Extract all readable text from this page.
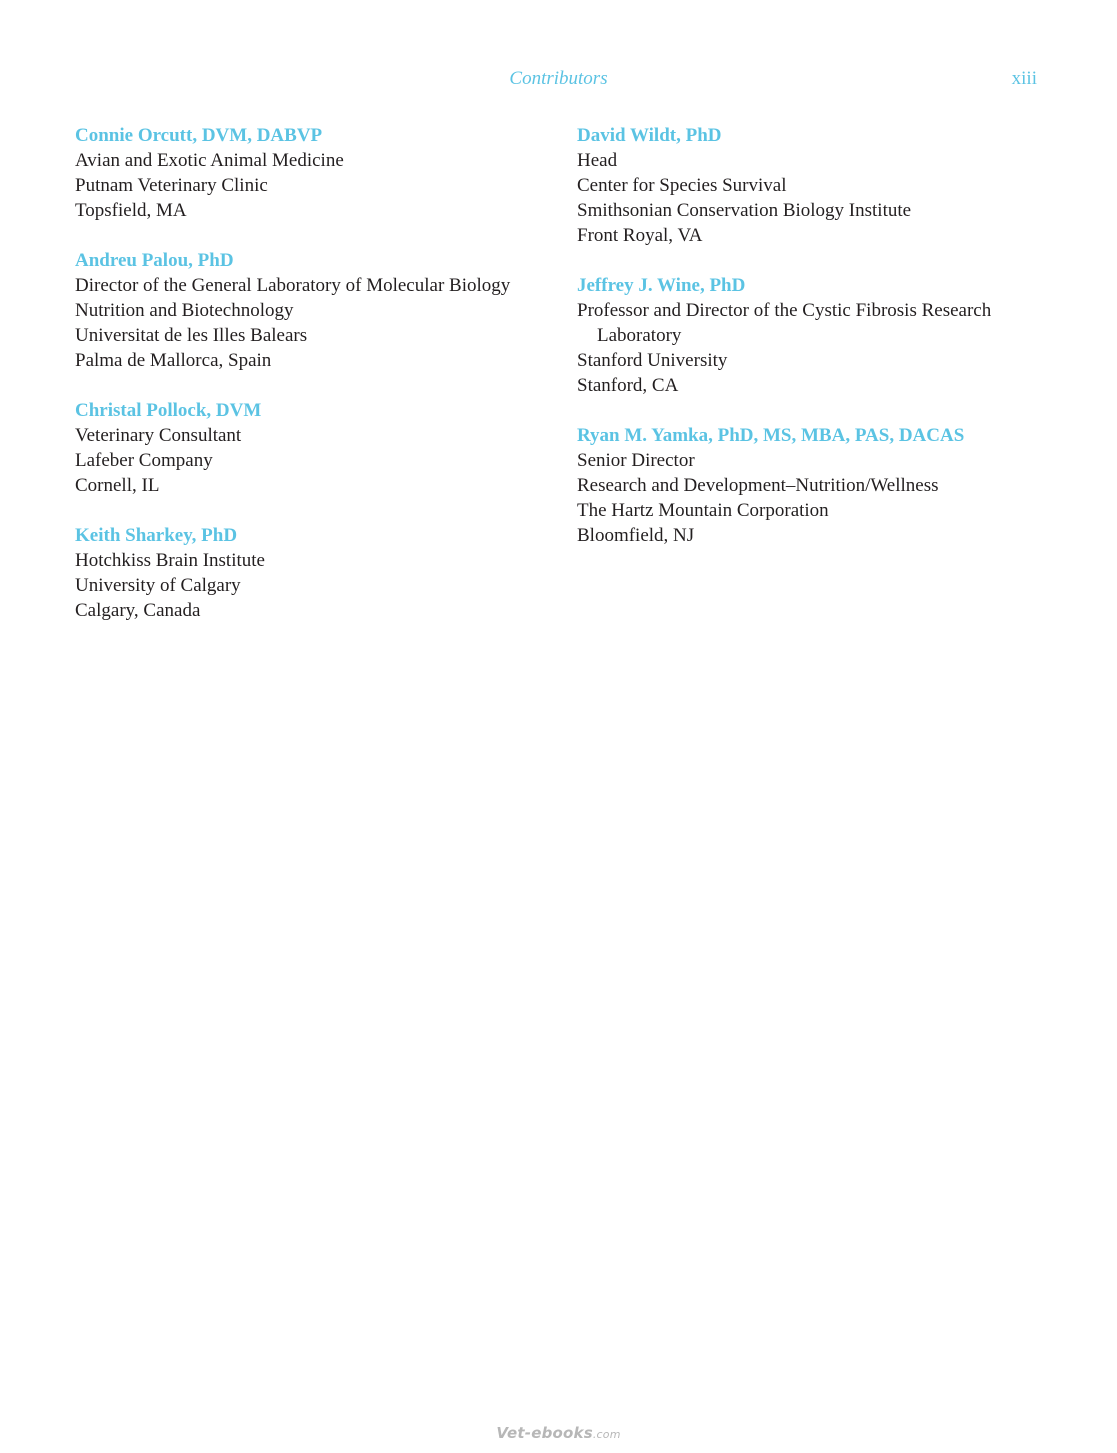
Contributors	xiii
Connie Orcutt, DVM, DABVP
Avian and Exotic Animal Medicine
Putnam Veterinary Clinic
Topsfield, MA
Andreu Palou, PhD
Director of the General Laboratory of Molecular Biology
Nutrition and Biotechnology
Universitat de les Illes Balears
Palma de Mallorca, Spain
Christal Pollock, DVM
Veterinary Consultant
Lafeber Company
Cornell, IL
Keith Sharkey, PhD
Hotchkiss Brain Institute
University of Calgary
Calgary, Canada
David Wildt, PhD
Head
Center for Species Survival
Smithsonian Conservation Biology Institute
Front Royal, VA
Jeffrey J. Wine, PhD
Professor and Director of the Cystic Fibrosis Research Laboratory
Stanford University
Stanford, CA
Ryan M. Yamka, PhD, MS, MBA, PAS, DACAS
Senior Director
Research and Development–Nutrition/Wellness
The Hartz Mountain Corporation
Bloomfield, NJ
Vet-ebooks.com
